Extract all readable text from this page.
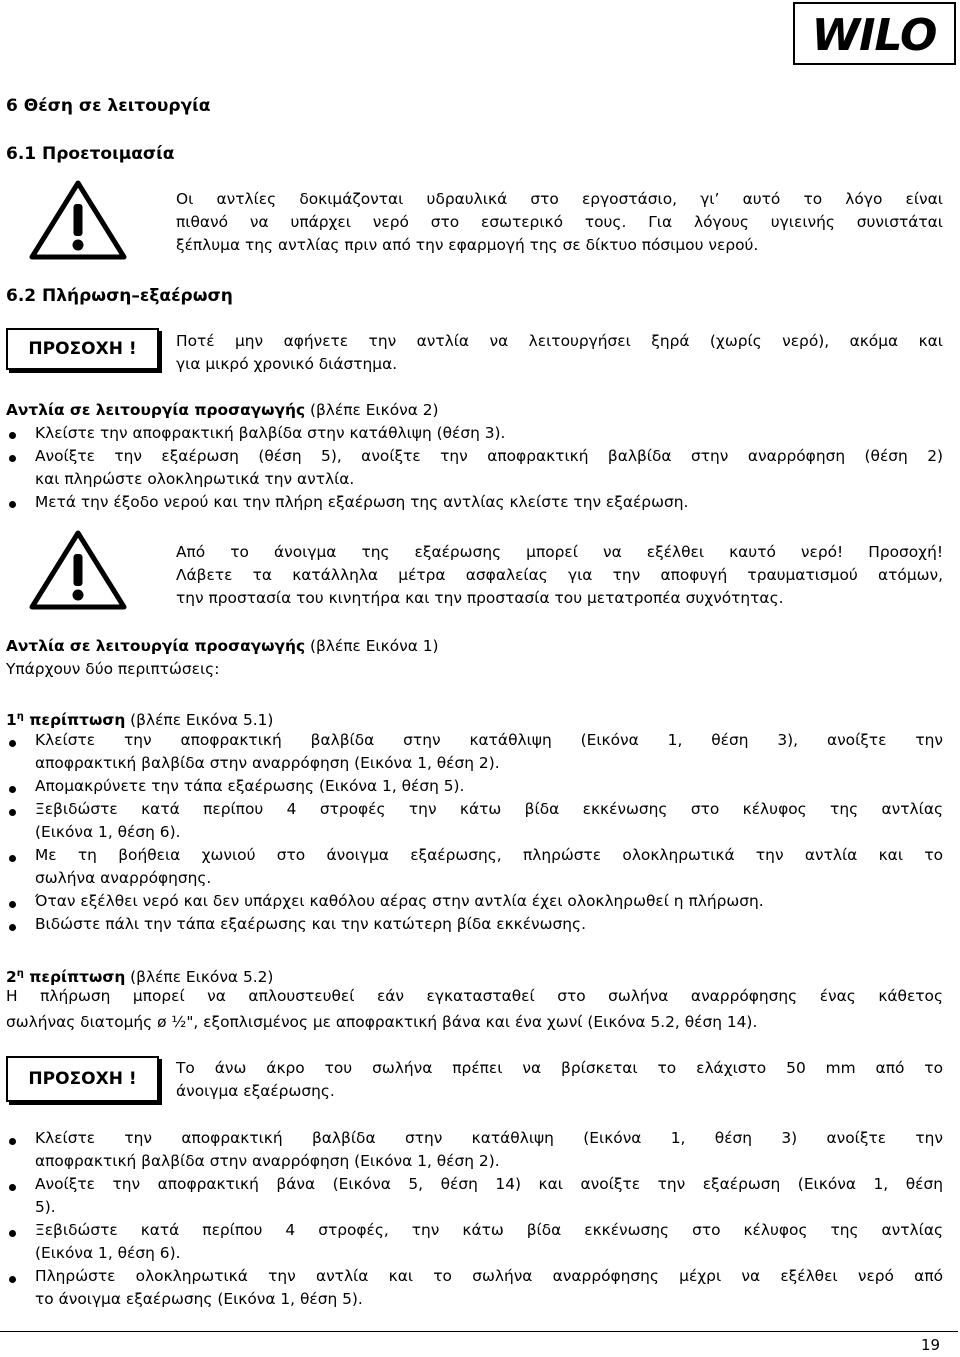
WILO
6 Θέση σε λειτουργία
6.1 Προετοιμασία
Οι αντλίες δοκιμάζονται υδραυλικά στο εργοστάσιο, γι’ αυτό το λόγο είναι
πιθανό να υπάρχει νερό στο εσωτερικό τους. Για λόγους υγιεινής συνιστάται
ξέπλυμα της αντλίας πριν από την εφαρμογή της σε δίκτυο πόσιμου νερού.
6.2 Πλήρωση–εξαέρωση
ΠΡΟΣΟΧΗ !	Ποτέ μην αφήνετε την αντλία να λειτουργήσει ξηρά (χωρίς νερό), ακόμα και
για μικρό χρονικό διάστημα.
Αντλία σε λειτουργία προσαγωγής (βλέπε Εικόνα 2)
Κλείστε την αποφρακτική βαλβίδα στην κατάθλιψη (θέση 3).
Ανοίξτε την εξαέρωση (θέση 5), ανοίξτε την αποφρακτική βαλβίδα στην αναρρόφηση (θέση 2)
και πληρώστε ολοκληρωτικά την αντλία.
Μετά την έξοδο νερού και την πλήρη εξαέρωση της αντλίας κλείστε την εξαέρωση.
Από το άνοιγμα της εξαέρωσης μπορεί να εξέλθει καυτό νερό! Προσοχή!
Λάβετε τα κατάλληλα μέτρα ασφαλείας για την αποφυγή τραυματισμού ατόμων,
την προστασία του κινητήρα και την προστασία του μετατροπέα συχνότητας.
Αντλία σε λειτουργία προσαγωγής (βλέπε Εικόνα 1)
Υπάρχουν δύο περιπτώσεις:
$1^\eta$ περίπτωση (βλέπε Εικόνα 5.1)
Κλείστε την αποφρακτική βαλβίδα στην κατάθλιψη (Εικόνα 1, θέση 3), ανοίξτε την
αποφρακτική βαλβίδα στην αναρρόφηση (Εικόνα 1, θέση 2).
Απομακρύνετε την τάπα εξαέρωσης (Εικόνα 1, θέση 5).
Ξεβιδώστε κατά περίπου 4 στροφές την κάτω βίδα εκκένωσης στο κέλυφος της αντλίας
(Εικόνα 1, θέση 6).
Με τη βοήθεια χωνιού στο άνοιγμα εξαέρωσης, πληρώστε ολοκληρωτικά την αντλία και το
σωλήνα αναρρόφησης.
Όταν εξέλθει νερό και δεν υπάρχει καθόλου αέρας στην αντλία έχει ολοκληρωθεί η πλήρωση.
Βιδώστε πάλι την τάπα εξαέρωσης και την κατώτερη βίδα εκκένωσης.
$2^\eta$ περίπτωση (βλέπε Εικόνα 5.2)
Η πλήρωση μπορεί να απλουστευθεί εάν εγκατασταθεί στο σωλήνα αναρρόφησης ένας κάθετος
σωλήνας διατομής ø ½", εξοπλισμένος με αποφρακτική βάνα και ένα χωνί (Εικόνα 5.2, θέση 14).
ΠΡΟΣΟΧΗ !
Το άνω άκρο του σωλήνα πρέπει να βρίσκεται το ελάχιστο 50 mm από το
άνοιγμα εξαέρωσης.
Κλείστε την αποφρακτική βαλβίδα στην κατάθλιψη (Εικόνα 1, θέση 3) ανοίξτε την
αποφρακτική βαλβίδα στην αναρρόφηση (Εικόνα 1, θέση 2).
Ανοίξτε την αποφρακτική βάνα (Εικόνα 5, θέση 14) και ανοίξτε την εξαέρωση (Εικόνα 1, θέση
5).
Ξεβιδώστε κατά περίπου 4 στροφές, την κάτω βίδα εκκένωσης στο κέλυφος της αντλίας
(Εικόνα 1, θέση 6).
Πληρώστε ολοκληρωτικά την αντλία και το σωλήνα αναρρόφησης μέχρι να εξέλθει νερό από
το άνοιγμα εξαέρωσης (Εικόνα 1, θέση 5).
19
